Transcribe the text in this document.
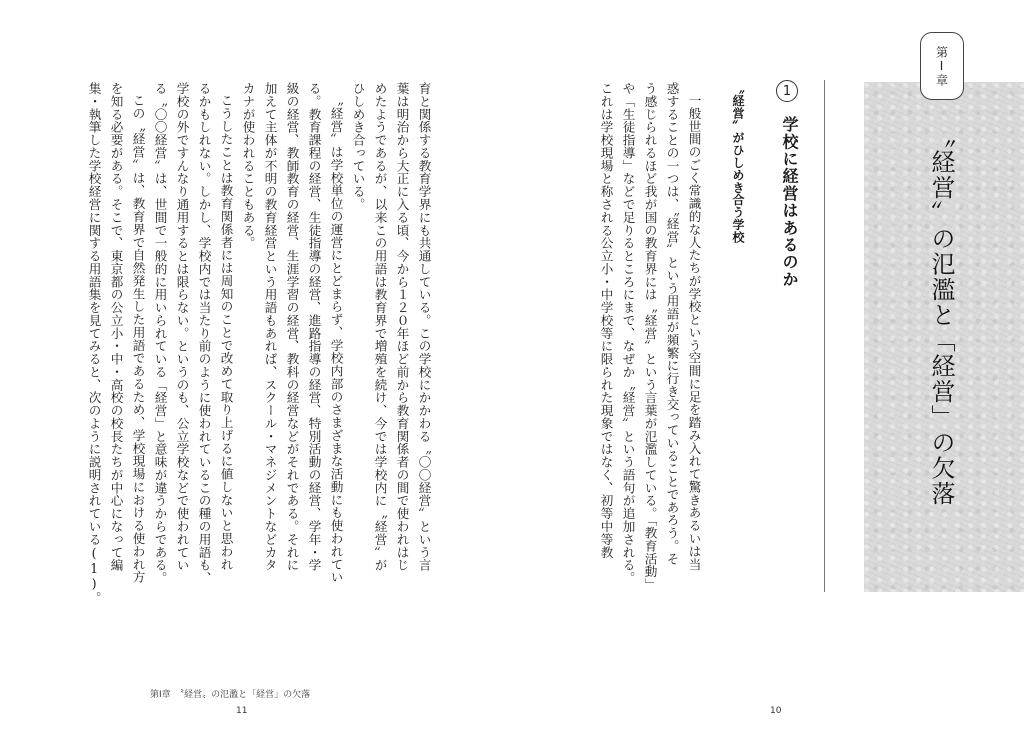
育と関係する教育学界にも共通している。この学校にかかわる〝〇〇経営〟という言
葉は明治から大正に入る頃、今から１２０年ほど前から教育関係者の間で使われはじ
めたようであるが、以来この用語は教育界で増殖を続け、今では学校内に〝経営〟が
ひしめき合っている。
〝経営〟は学校単位の運営にとどまらず、学校内部のさまざまな活動にも使われてい
る。教育課程の経営、生徒指導の経営、進路指導の経営、特別活動の経営、学年・学
級の経営、教師教育の経営、生涯学習の経営、教科の経営などがそれである。それに
加えて主体が不明の教育経営という用語もあれば、スクール・マネジメントなどカタ
カナが使われることもある。
こうしたことは教育関係者には周知のことで改めて取り上げるに値しないと思われ
るかもしれない。しかし、学校内では当たり前のように使われているこの種の用語も、
学校の外ですんなり通用するとは限らない。というのも、公立学校などで使われてい
る〝〇〇経営〟は、世間で一般的に用いられている「経営」と意味が違うからである。
この〝経営〟は、教育界で自然発生した用語であるため、学校現場における使われ方
を知る必要がある。そこで、東京都の公立小・中・高校の校長たちが中心になって編
集・執筆した学校経営に関する用語集を見てみると、次のように説明されている(1)。
第Ⅰ章　〝経営〟の氾濫と「経営」の欠落
11
第Ⅰ章
〝経営〟の氾濫と「経営」の欠落
1
学校に経営はあるのか
〝経営〟がひしめき合う学校
一般世間のごく常識的な人たちが学校という空間に足を踏み入れて驚きあるいは当
惑することの一つは、〝経営〟という用語が頻繁に行き交っていることであろう。そ
う感じられるほど我が国の教育界には〝経営〟という言葉が氾濫している。「教育活動」
や「生徒指導」などで足りるところにまで、なぜか〝経営〟という語句が追加される。
これは学校現場と称される公立小・中学校等に限られた現象ではなく、初等中等教
10
